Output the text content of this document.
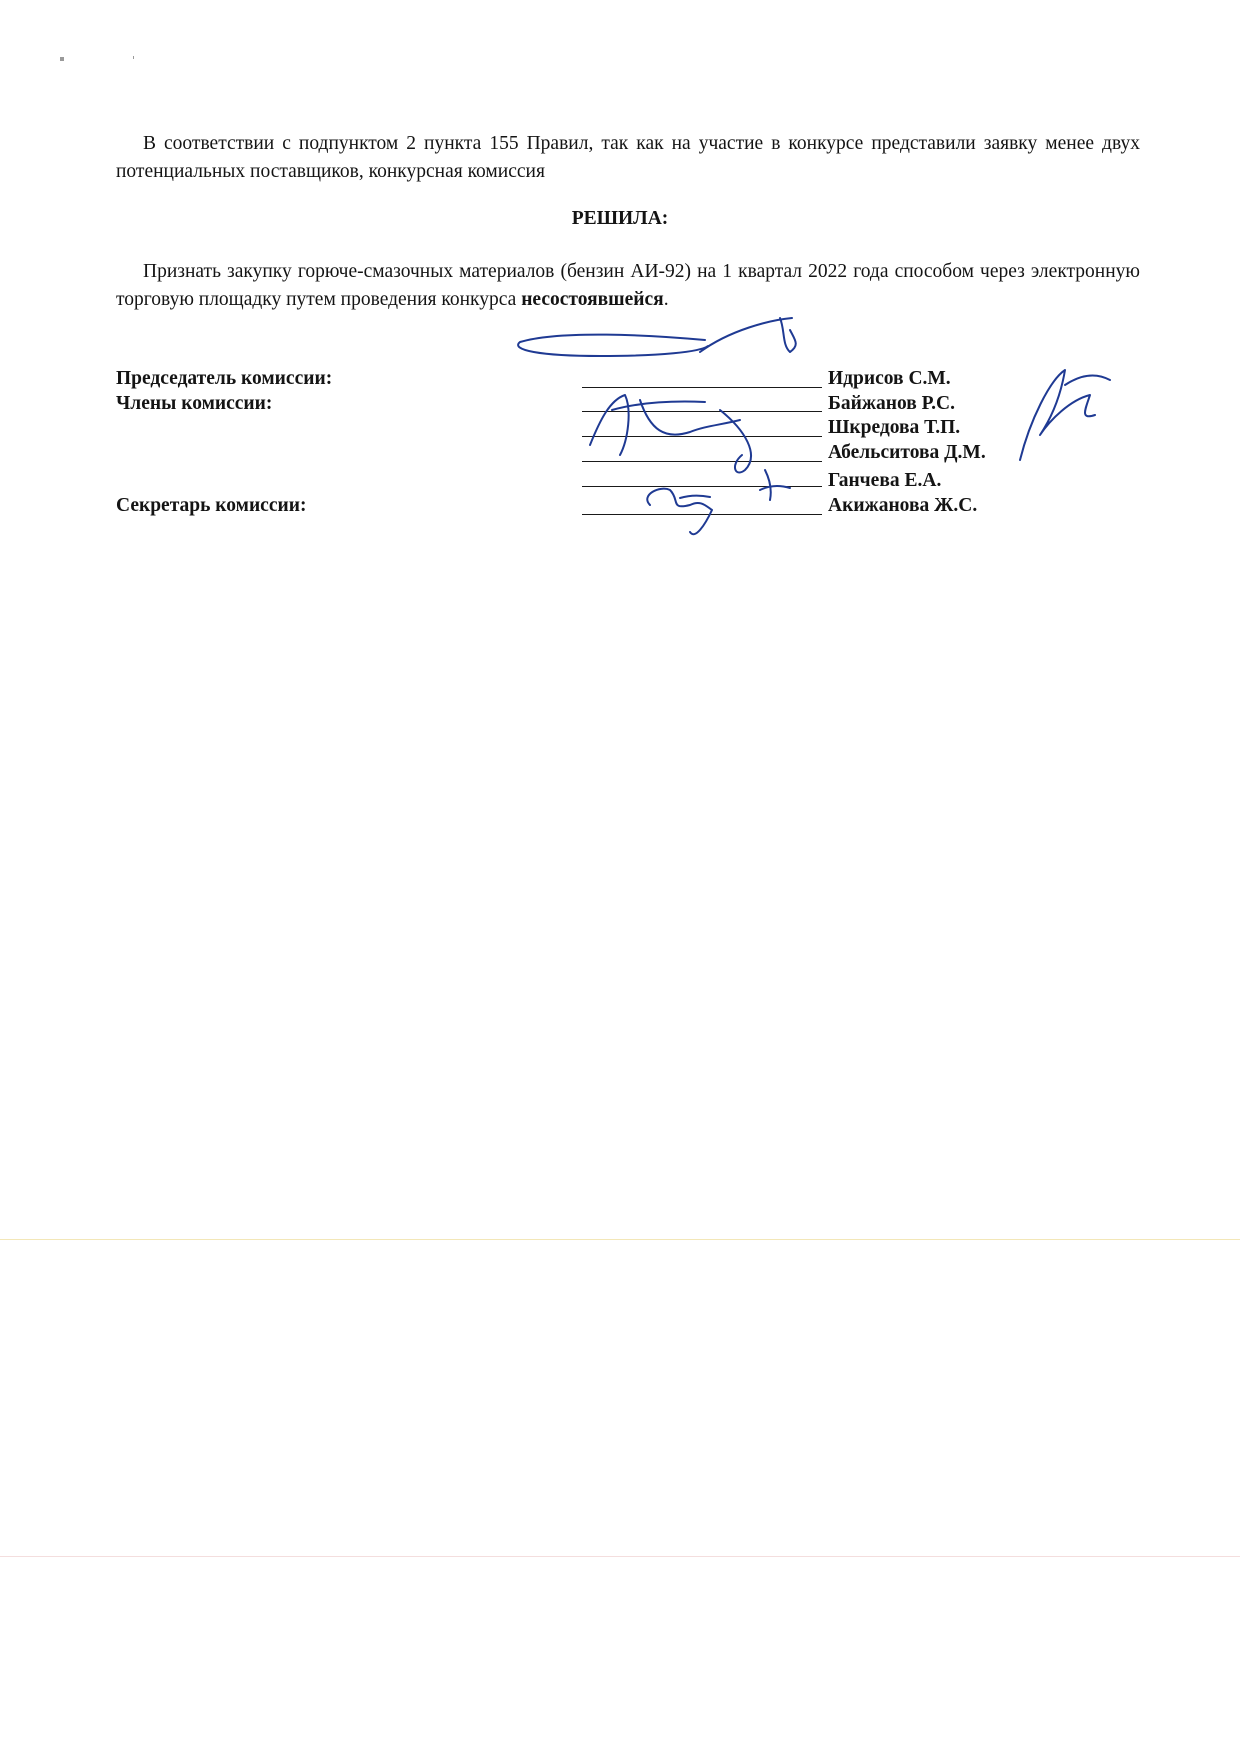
В соответствии с подпунктом 2 пункта 155 Правил, так как на участие в конкурсе представили заявку менее двух потенциальных поставщиков, конкурсная комиссия

РЕШИЛА:

Признать закупку горюче-смазочных материалов (бензин АИ-92) на 1 квартал 2022 года способом через электронную торговую площадку путем проведения конкурса несостоявшейся.

Председатель комиссии:

Члены комиссии:

Секретарь комиссии:

Идрисов С.М.

Байжанов Р.С.

Шкредова Т.П.

Абельситова Д.М.

Ганчева Е.А.

Акижанова Ж.С.
